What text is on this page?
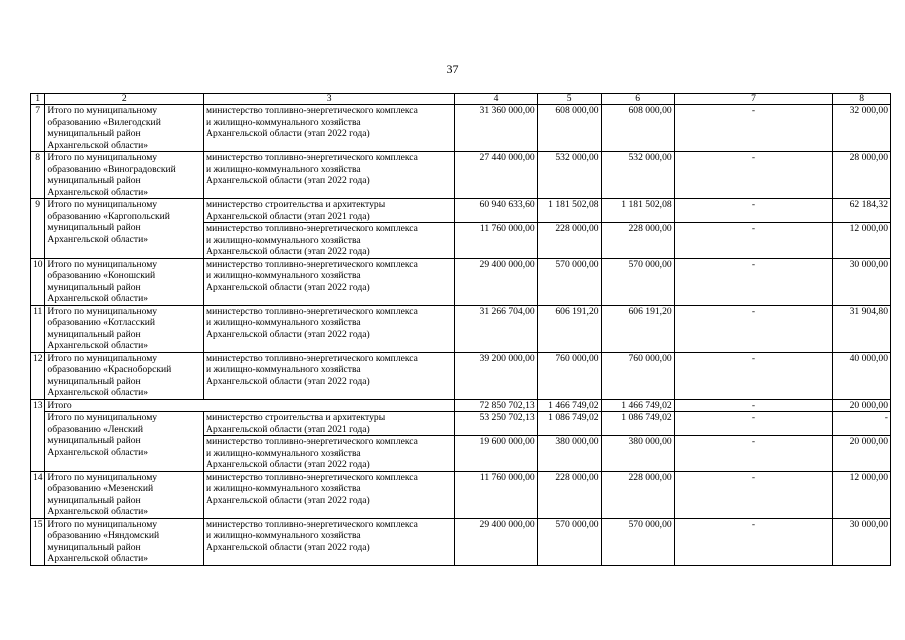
37
1	2	3	4	5	6	7	8
7	Итого по муниципальному
образованию «Вилегодский
муниципальный район
Архангельской области»	министерство топливно-энергетического комплекса
и жилищно-коммунального хозяйства
Архангельской области (этап 2022 года)	31 360 000,00	608 000,00	608 000,00	-	32 000,00
8	Итого по муниципальному
образованию «Виноградовский
муниципальный район
Архангельской области»	министерство топливно-энергетического комплекса
и жилищно-коммунального хозяйства
Архангельской области (этап 2022 года)	27 440 000,00	532 000,00	532 000,00	-	28 000,00
9	Итого по муниципальному
образованию «Каргопольский
муниципальный район
Архангельской области»	министерство строительства и архитектуры
Архангельской области (этап 2021 года)	60 940 633,60	1 181 502,08	1 181 502,08	-	62 184,32
		министерство топливно-энергетического комплекса
и жилищно-коммунального хозяйства
Архангельской области (этап 2022 года)	11 760 000,00	228 000,00	228 000,00	-	12 000,00
10	Итого по муниципальному
образованию «Коношский
муниципальный район
Архангельской области»	министерство топливно-энергетического комплекса
и жилищно-коммунального хозяйства
Архангельской области (этап 2022 года)	29 400 000,00	570 000,00	570 000,00	-	30 000,00
11	Итого по муниципальному
образованию «Котласский
муниципальный район
Архангельской области»	министерство топливно-энергетического комплекса
и жилищно-коммунального хозяйства
Архангельской области (этап 2022 года)	31 266 704,00	606 191,20	606 191,20	-	31 904,80
12	Итого по муниципальному
образованию «Красноборский
муниципальный район
Архангельской области»	министерство топливно-энергетического комплекса
и жилищно-коммунального хозяйства
Архангельской области (этап 2022 года)	39 200 000,00	760 000,00	760 000,00	-	40 000,00
13	Итого		72 850 702,13	1 466 749,02	1 466 749,02	-	20 000,00
	Итого по муниципальному
образованию «Ленский
муниципальный район
Архангельской области»	министерство строительства и архитектуры
Архангельской области (этап 2021 года)	53 250 702,13	1 086 749,02	1 086 749,02	-	-
		министерство топливно-энергетического комплекса
и жилищно-коммунального хозяйства
Архангельской области (этап 2022 года)	19 600 000,00	380 000,00	380 000,00	-	20 000,00
14	Итого по муниципальному
образованию «Мезенский
муниципальный район
Архангельской области»	министерство топливно-энергетического комплекса
и жилищно-коммунального хозяйства
Архангельской области (этап 2022 года)	11 760 000,00	228 000,00	228 000,00	-	12 000,00
15	Итого по муниципальному
образованию «Няндомский
муниципальный район
Архангельской области»	министерство топливно-энергетического комплекса
и жилищно-коммунального хозяйства
Архангельской области (этап 2022 года)	29 400 000,00	570 000,00	570 000,00	-	30 000,00
